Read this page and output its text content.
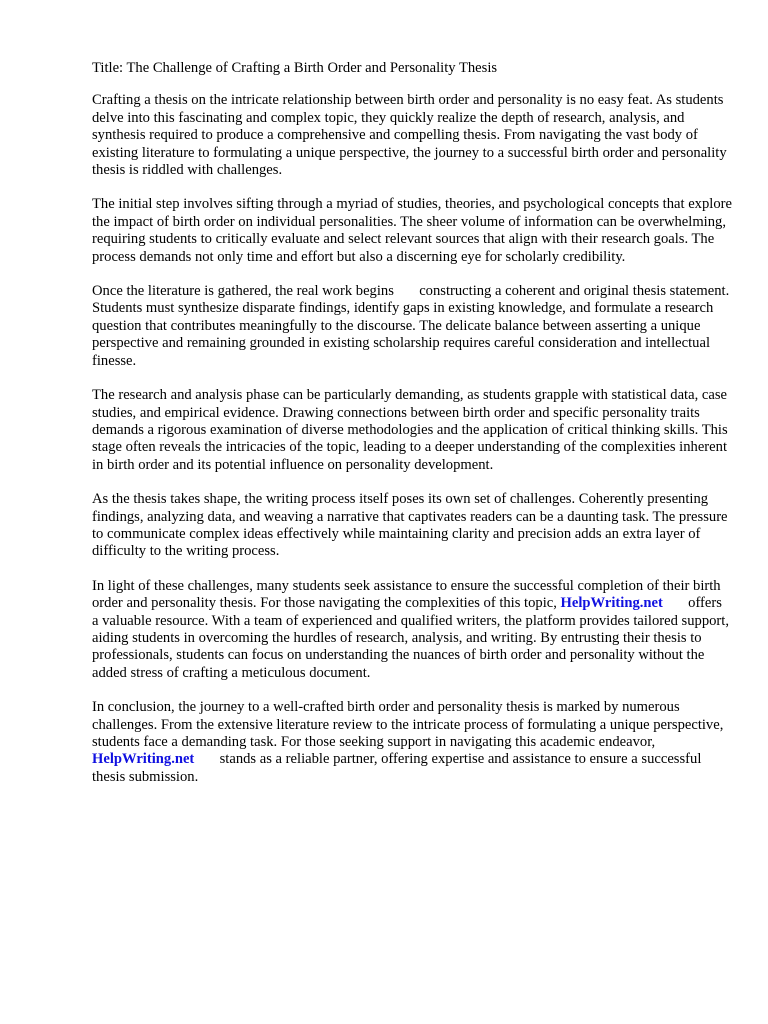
Title: The Challenge of Crafting a Birth Order and Personality Thesis

Crafting a thesis on the intricate relationship between birth order and personality is no easy feat. As students delve into this fascinating and complex topic, they quickly realize the depth of research, analysis, and synthesis required to produce a comprehensive and compelling thesis. From navigating the vast body of existing literature to formulating a unique perspective, the journey to a successful birth order and personality thesis is riddled with challenges.

The initial step involves sifting through a myriad of studies, theories, and psychological concepts that explore the impact of birth order on individual personalities. The sheer volume of information can be overwhelming, requiring students to critically evaluate and select relevant sources that align with their research goals. The process demands not only time and effort but also a discerning eye for scholarly credibility.

Once the literature is gathered, the real work begins constructing a coherent and original thesis statement. Students must synthesize disparate findings, identify gaps in existing knowledge, and formulate a research question that contributes meaningfully to the discourse. The delicate balance between asserting a unique perspective and remaining grounded in existing scholarship requires careful consideration and intellectual finesse.

The research and analysis phase can be particularly demanding, as students grapple with statistical data, case studies, and empirical evidence. Drawing connections between birth order and specific personality traits demands a rigorous examination of diverse methodologies and the application of critical thinking skills. This stage often reveals the intricacies of the topic, leading to a deeper understanding of the complexities inherent in birth order and its potential influence on personality development.

As the thesis takes shape, the writing process itself poses its own set of challenges. Coherently presenting findings, analyzing data, and weaving a narrative that captivates readers can be a daunting task. The pressure to communicate complex ideas effectively while maintaining clarity and precision adds an extra layer of difficulty to the writing process.

In light of these challenges, many students seek assistance to ensure the successful completion of their birth order and personality thesis. For those navigating the complexities of this topic, HelpWriting.net offers a valuable resource. With a team of experienced and qualified writers, the platform provides tailored support, aiding students in overcoming the hurdles of research, analysis, and writing. By entrusting their thesis to professionals, students can focus on understanding the nuances of birth order and personality without the added stress of crafting a meticulous document.

In conclusion, the journey to a well-crafted birth order and personality thesis is marked by numerous challenges. From the extensive literature review to the intricate process of formulating a unique perspective, students face a demanding task. For those seeking support in navigating this academic endeavor,  HelpWriting.net stands as a reliable partner, offering expertise and assistance to ensure a successful thesis submission.
